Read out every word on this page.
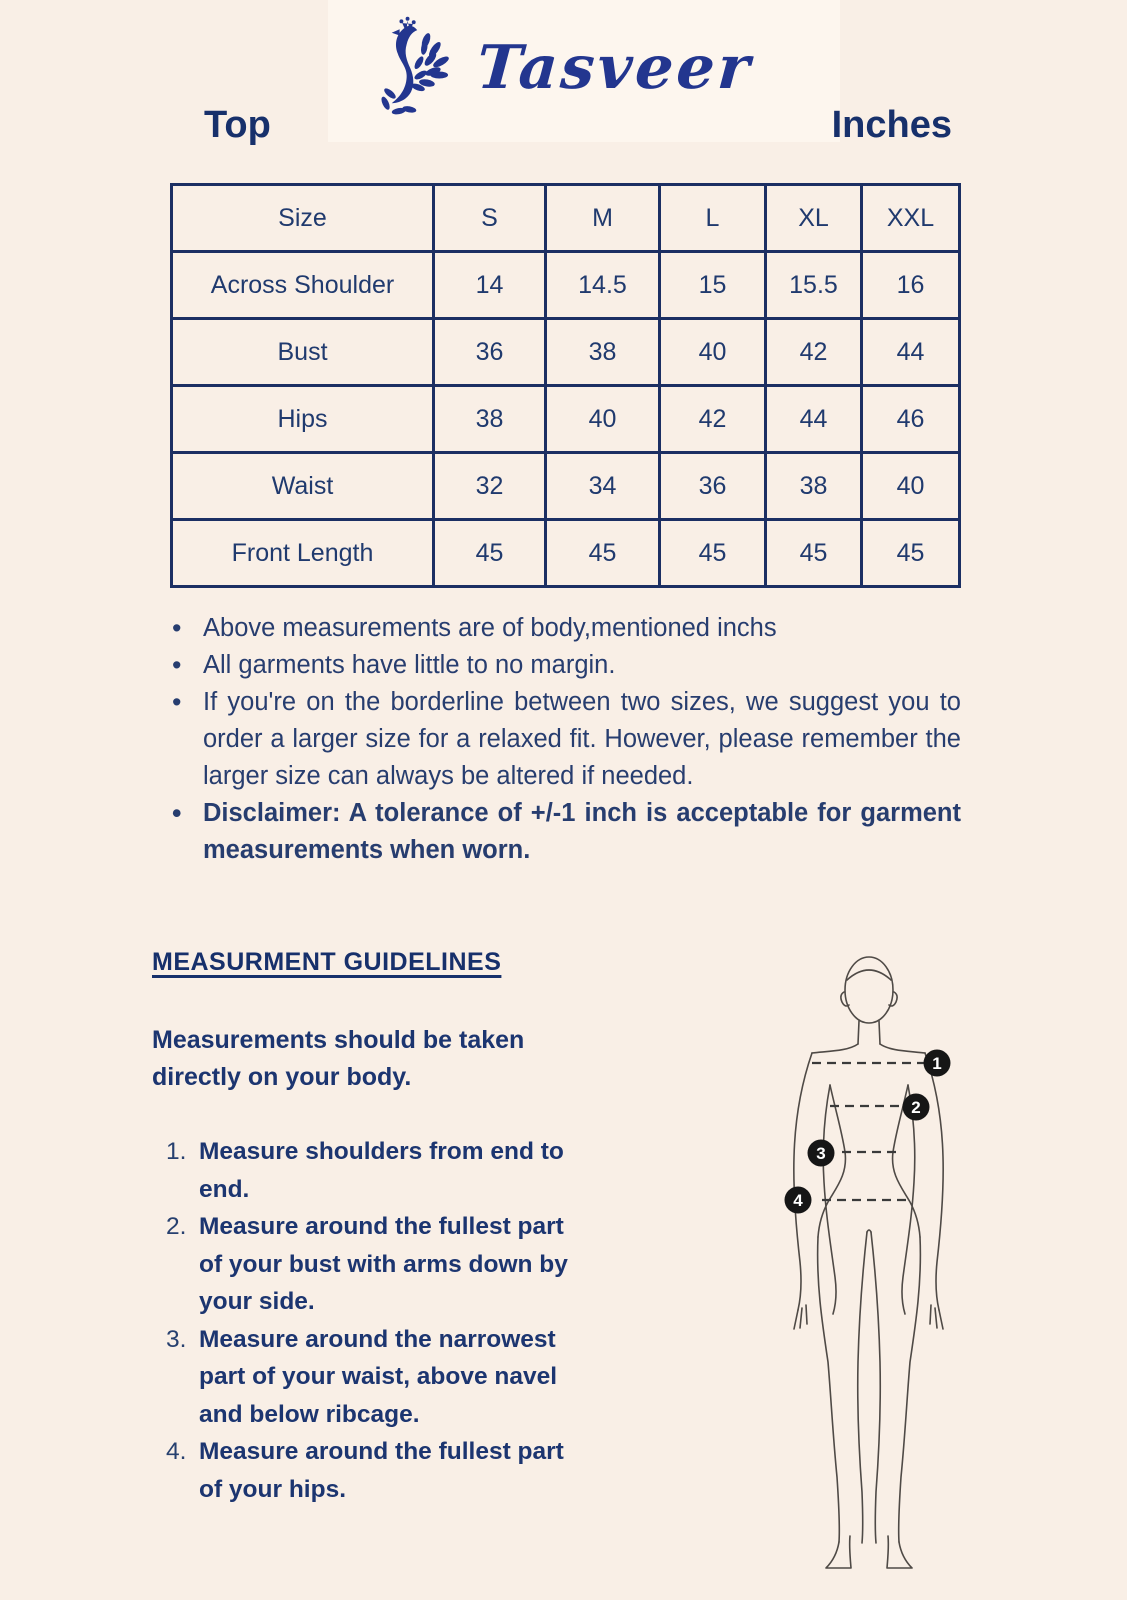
Tasveer
Top	Inches
Size	S	M	L	XL	XXL
Across Shoulder	14	14.5	15	15.5	16
Bust	36	38	40	42	44
Hips	38	40	42	44	46
Waist	32	34	36	38	40
Front Length	45	45	45	45	45
• Above measurements are of body,mentioned inchs
• All garments have little to no margin.
• If you're on the borderline between two sizes, we suggest you to order a larger size for a relaxed fit. However, please remember the larger size can always be altered if needed.
• Disclaimer: A tolerance of +/-1 inch is acceptable for garment measurements when worn.
MEASURMENT GUIDELINES
Measurements should be taken directly on your body.
Measure shoulders from end to end.
Measure around the fullest part of your bust with arms down by your side.
Measure around the narrowest part of your waist, above navel and below ribcage.
Measure around the fullest part of your hips.
1
2
3
4
